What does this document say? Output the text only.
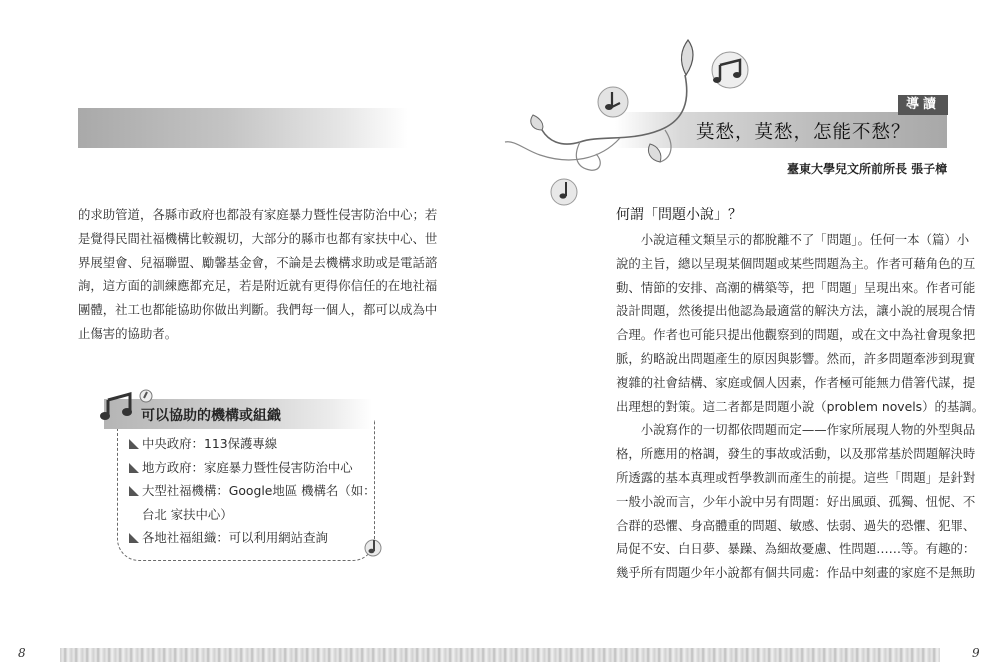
的求助管道，各縣市政府也都設有家庭暴力暨性侵害防治中心；若

是覺得民間社福機構比較親切，大部分的縣市也都有家扶中心、世

界展望會、兒福聯盟、勵馨基金會，不論是去機構求助或是電話諮

詢，這方面的訓練應都充足，若是附近就有更得你信任的在地社福

團體，社工也都能協助你做出判斷。我們每一個人，都可以成為中

止傷害的協助者。

可以協助的機構或組織

中央政府：113保護專線
地方政府：家庭暴力暨性侵害防治中心
大型社福機構：Google地區 機構名（如：
台北 家扶中心）
各地社福組織：可以利用網站查詢

8	9

導讀

莫愁，莫愁，怎能不愁？

臺東大學兒文所前所長 張子樟

何謂「問題小說」？

　　小說這種文類呈示的都脫離不了「問題」。任何一本（篇）小

說的主旨，總以呈現某個問題或某些問題為主。作者可藉角色的互

動、情節的安排、高潮的構築等，把「問題」呈現出來。作者可能

設計問題，然後提出他認為最適當的解決方法，讓小說的展現合情

合理。作者也可能只提出他觀察到的問題，或在文中為社會現象把

脈，約略說出問題產生的原因與影響。然而，許多問題牽涉到現實

複雜的社會結構、家庭或個人因素，作者極可能無力借箸代謀，提

出理想的對策。這二者都是問題小說（problem novels）的基調。

　　小說寫作的一切都依問題而定——作家所展現人物的外型與品

格，所應用的格調，發生的事故或活動，以及那常基於問題解決時

所透露的基本真理或哲學教訓而產生的前提。這些「問題」是針對

一般小說而言，少年小說中另有問題：好出風頭、孤獨、忸怩、不

合群的恐懼、身高體重的問題、敏感、怯弱、過失的恐懼、犯罪、

局促不安、白日夢、暴躁、為細故憂慮、性問題……等。有趣的：

幾乎所有問題少年小說都有個共同處：作品中刻畫的家庭不是無助
